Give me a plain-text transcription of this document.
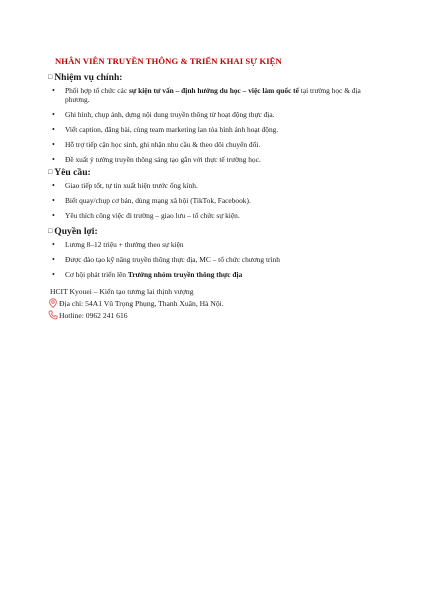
NHÂN VIÊN TRUYỀN THÔNG & TRIỂN KHAI SỰ KIỆN
□ Nhiệm vụ chính:
• Phối hợp tổ chức các sự kiện tư vấn – định hướng du học – việc làm quốc tế tại trường học & địa phương.
• Ghi hình, chụp ảnh, dựng nội dung truyền thông từ hoạt động thực địa.
• Viết caption, đăng bài, cùng team marketing lan tỏa hình ảnh hoạt động.
• Hỗ trợ tiếp cận học sinh, ghi nhận nhu cầu & theo dõi chuyển đổi.
• Đề xuất ý tưởng truyền thông sáng tạo gắn với thực tế trường học.
□ Yêu cầu:
• Giao tiếp tốt, tự tin xuất hiện trước ống kính.
• Biết quay/chụp cơ bản, dùng mạng xã hội (TikTok, Facebook).
• Yêu thích công việc đi trường – giao lưu – tổ chức sự kiện.
□ Quyền lợi:
• Lương 8–12 triệu + thưởng theo sự kiện
• Được đào tạo kỹ năng truyền thông thực địa, MC – tổ chức chương trình
• Cơ hội phát triển lên Trưởng nhóm truyền thông thực địa
HCIT Kyouei – Kiến tạo tương lai thịnh vượng
Địa chỉ: 54A1 Vũ Trọng Phụng, Thanh Xuân, Hà Nội.
Hotline: 0962 241 616
